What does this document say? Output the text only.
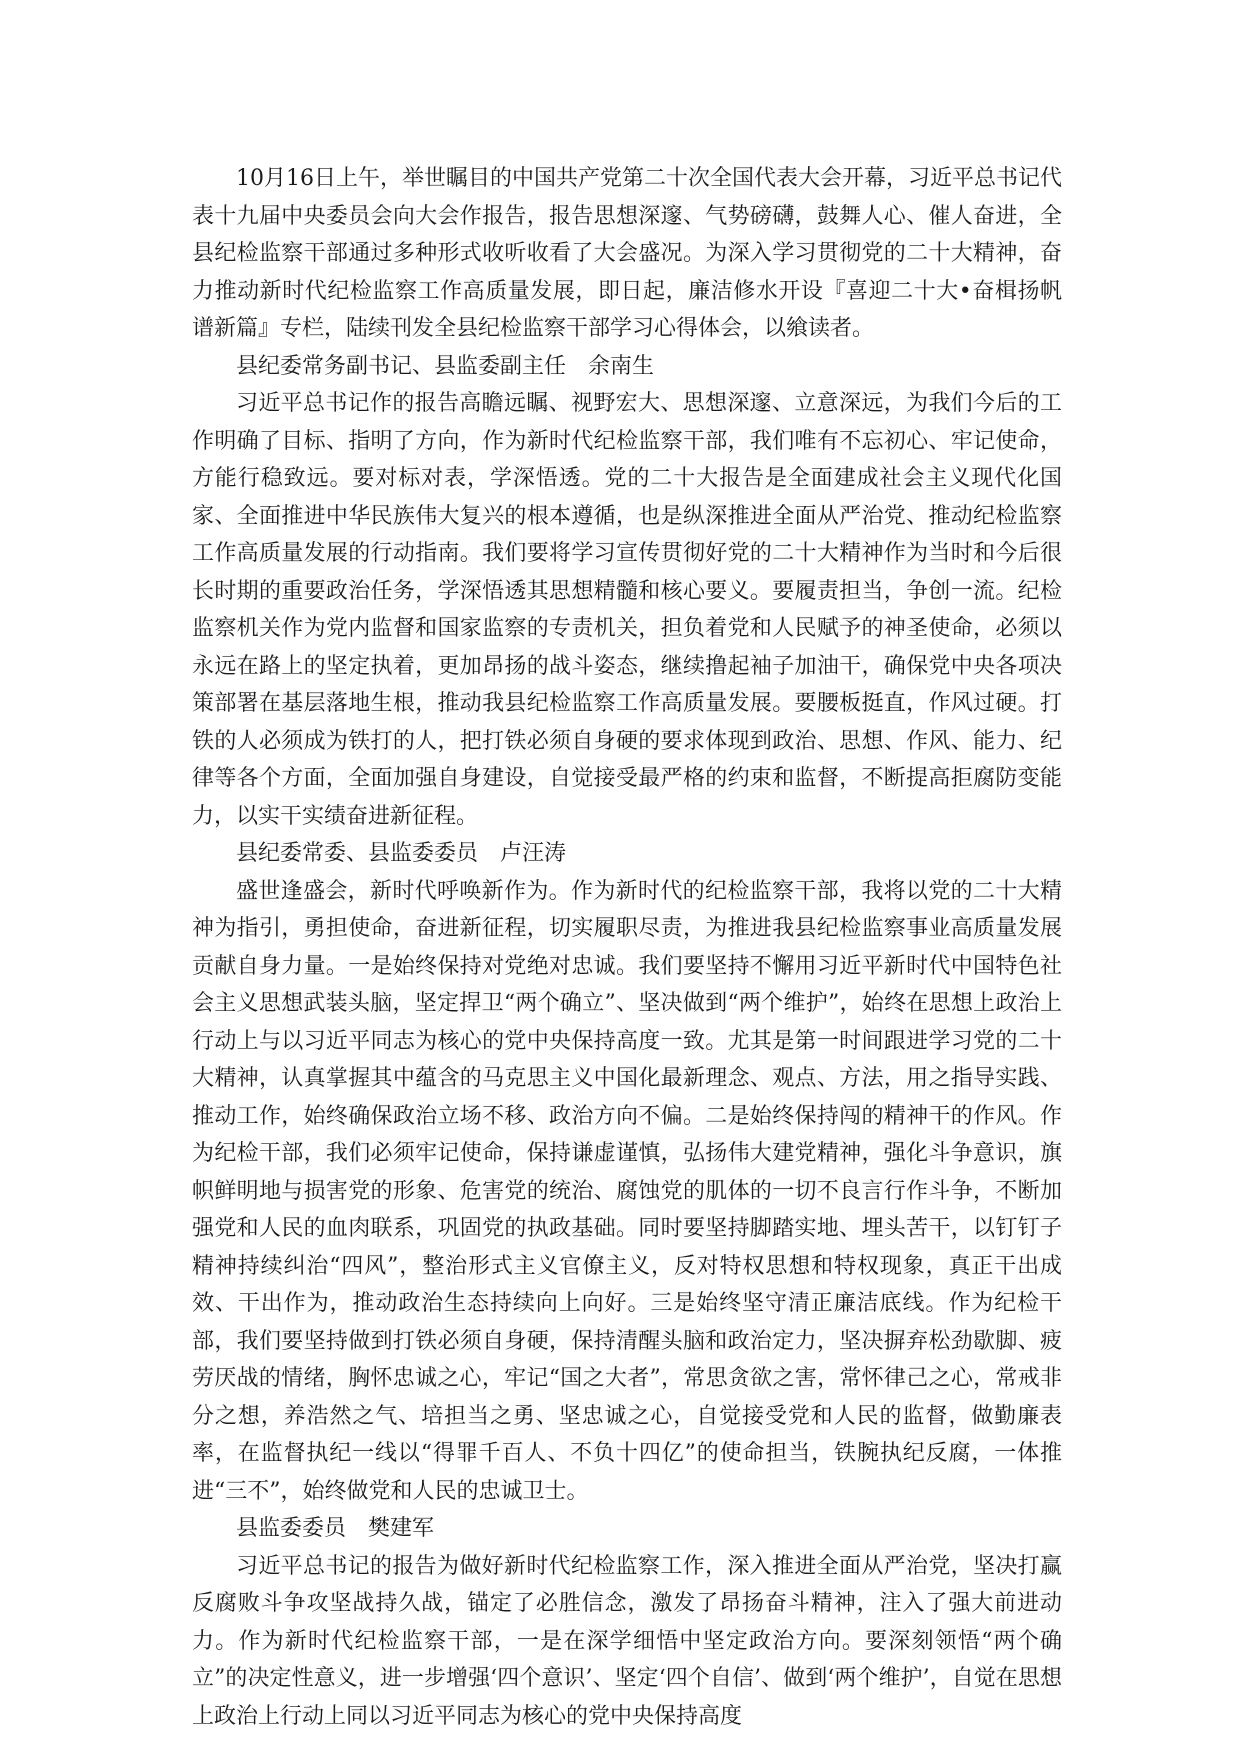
10月16日上午，举世瞩目的中国共产党第二十次全国代表大会开幕，习近平总书记代表十九届中央委员会向大会作报告，报告思想深邃、气势磅礴，鼓舞人心、催人奋进，全县纪检监察干部通过多种形式收听收看了大会盛况。为深入学习贯彻党的二十大精神，奋力推动新时代纪检监察工作高质量发展，即日起，廉洁修水开设『喜迎二十大•奋楫扬帆谱新篇』专栏，陆续刊发全县纪检监察干部学习心得体会，以飨读者。

县纪委常务副书记、县监委副主任　余南生

习近平总书记作的报告高瞻远瞩、视野宏大、思想深邃、立意深远，为我们今后的工作明确了目标、指明了方向，作为新时代纪检监察干部，我们唯有不忘初心、牢记使命，方能行稳致远。要对标对表，学深悟透。党的二十大报告是全面建成社会主义现代化国家、全面推进中华民族伟大复兴的根本遵循，也是纵深推进全面从严治党、推动纪检监察工作高质量发展的行动指南。我们要将学习宣传贯彻好党的二十大精神作为当时和今后很长时期的重要政治任务，学深悟透其思想精髓和核心要义。要履责担当，争创一流。纪检监察机关作为党内监督和国家监察的专责机关，担负着党和人民赋予的神圣使命，必须以永远在路上的坚定执着，更加昂扬的战斗姿态，继续撸起袖子加油干，确保党中央各项决策部署在基层落地生根，推动我县纪检监察工作高质量发展。要腰板挺直，作风过硬。打铁的人必须成为铁打的人，把打铁必须自身硬的要求体现到政治、思想、作风、能力、纪律等各个方面，全面加强自身建设，自觉接受最严格的约束和监督，不断提高拒腐防变能力，以实干实绩奋进新征程。

县纪委常委、县监委委员　卢汪涛

盛世逢盛会，新时代呼唤新作为。作为新时代的纪检监察干部，我将以党的二十大精神为指引，勇担使命，奋进新征程，切实履职尽责，为推进我县纪检监察事业高质量发展贡献自身力量。一是始终保持对党绝对忠诚。我们要坚持不懈用习近平新时代中国特色社会主义思想武装头脑，坚定捍卫“两个确立”、坚决做到“两个维护”，始终在思想上政治上行动上与以习近平同志为核心的党中央保持高度一致。尤其是第一时间跟进学习党的二十大精神，认真掌握其中蕴含的马克思主义中国化最新理念、观点、方法，用之指导实践、推动工作，始终确保政治立场不移、政治方向不偏。二是始终保持闯的精神干的作风。作为纪检干部，我们必须牢记使命，保持谦虚谨慎，弘扬伟大建党精神，强化斗争意识，旗帜鲜明地与损害党的形象、危害党的统治、腐蚀党的肌体的一切不良言行作斗争，不断加强党和人民的血肉联系，巩固党的执政基础。同时要坚持脚踏实地、埋头苦干，以钉钉子精神持续纠治“四风”，整治形式主义官僚主义，反对特权思想和特权现象，真正干出成效、干出作为，推动政治生态持续向上向好。三是始终坚守清正廉洁底线。作为纪检干部，我们要坚持做到打铁必须自身硬，保持清醒头脑和政治定力，坚决摒弃松劲歇脚、疲劳厌战的情绪，胸怀忠诚之心，牢记“国之大者”，常思贪欲之害，常怀律己之心，常戒非分之想，养浩然之气、培担当之勇、坚忠诚之心，自觉接受党和人民的监督，做勤廉表率，在监督执纪一线以“得罪千百人、不负十四亿”的使命担当，铁腕执纪反腐，一体推进“三不”，始终做党和人民的忠诚卫士。

县监委委员　樊建军

习近平总书记的报告为做好新时代纪检监察工作，深入推进全面从严治党，坚决打赢反腐败斗争攻坚战持久战，锚定了必胜信念，激发了昂扬奋斗精神，注入了强大前进动力。作为新时代纪检监察干部，一是在深学细悟中坚定政治方向。要深刻领悟“两个确立”的决定性意义，进一步增强‘四个意识’、坚定‘四个自信’、做到‘两个维护’，自觉在思想上政治上行动上同以习近平同志为核心的党中央保持高度
